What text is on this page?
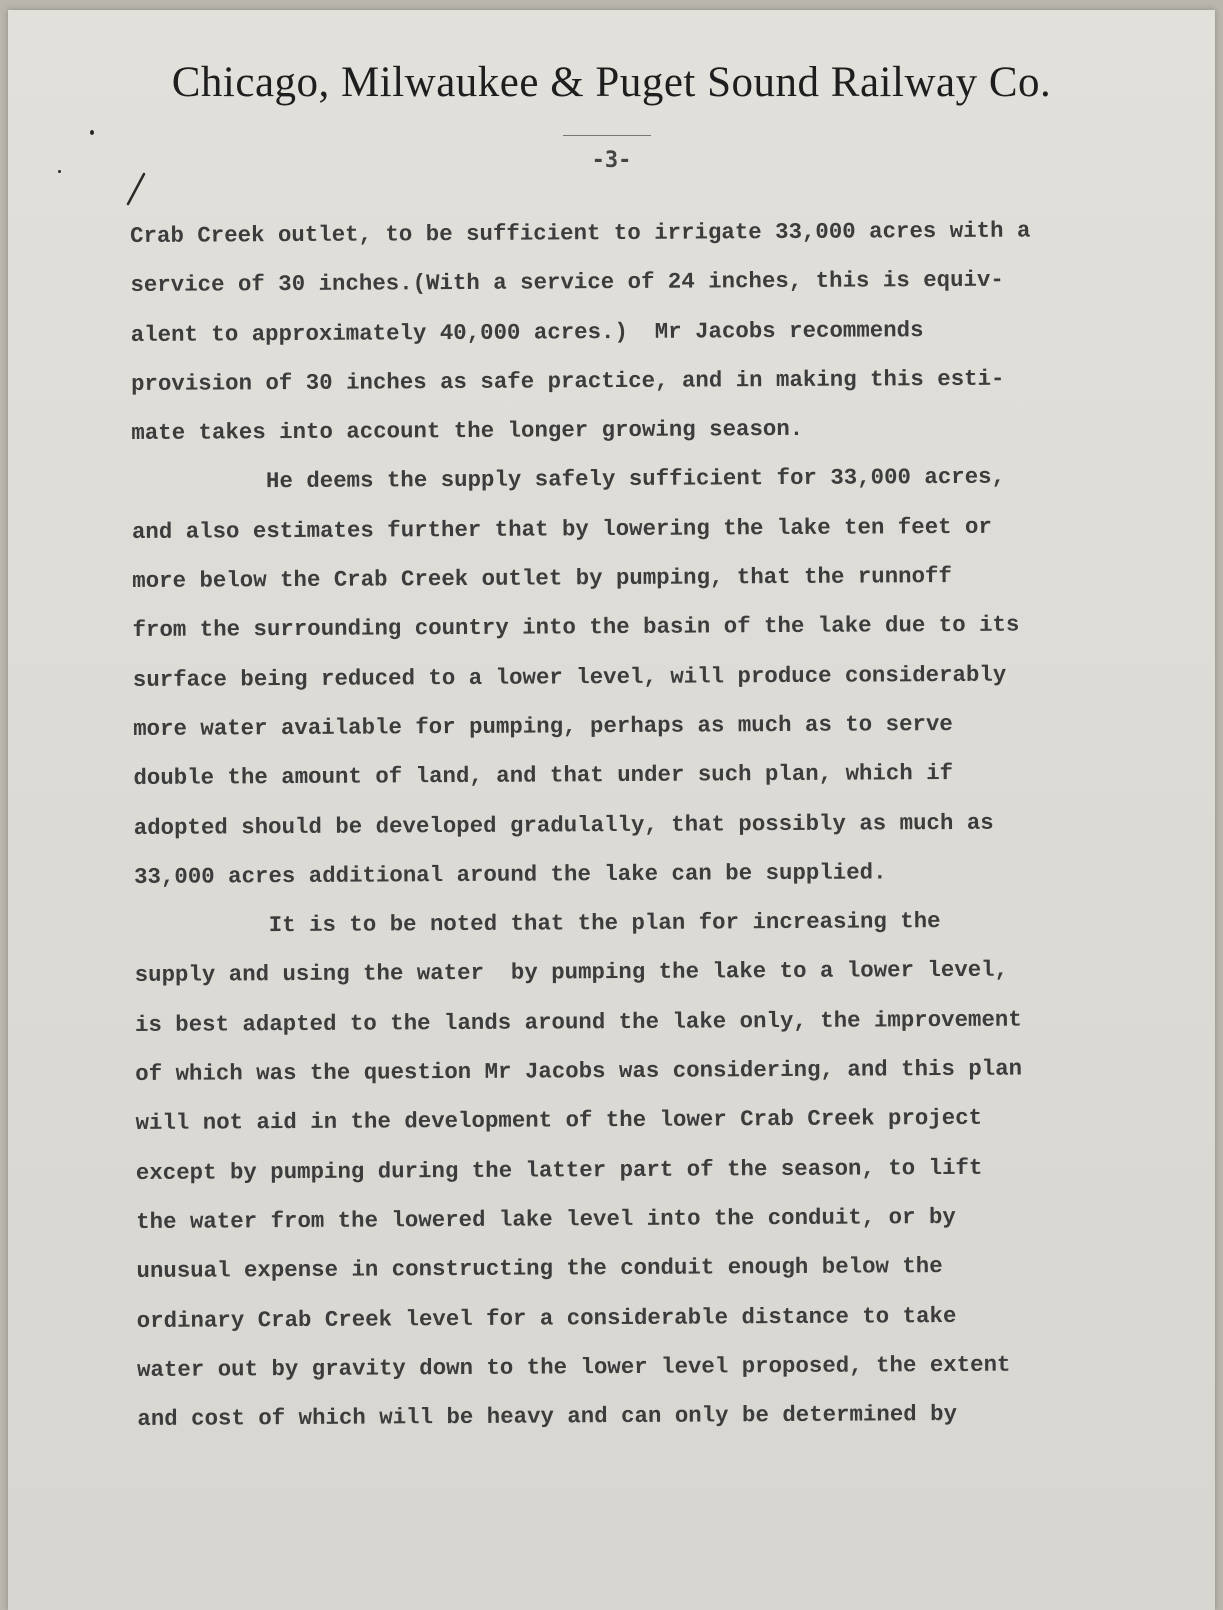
Chicago, Milwaukee & Puget Sound Railway Co.
-3-
Crab Creek outlet, to be sufficient to irrigate 33,000 acres with a
service of 30 inches.(With a service of 24 inches, this is equiv-
alent to approximately 40,000 acres.)  Mr Jacobs recommends
provision of 30 inches as safe practice, and in making this esti-
mate takes into account the longer growing season.
He deems the supply safely sufficient for 33,000 acres,
and also estimates further that by lowering the lake ten feet or
more below the Crab Creek outlet by pumping, that the runnoff
from the surrounding country into the basin of the lake due to its
surface being reduced to a lower level, will produce considerably
more water available for pumping, perhaps as much as to serve
double the amount of land, and that under such plan, which if
adopted should be developed gradulally, that possibly as much as
33,000 acres additional around the lake can be supplied.
It is to be noted that the plan for increasing the
supply and using the water  by pumping the lake to a lower level,
is best adapted to the lands around the lake only, the improvement
of which was the question Mr Jacobs was considering, and this plan
will not aid in the development of the lower Crab Creek project
except by pumping during the latter part of the season, to lift
the water from the lowered lake level into the conduit, or by
unusual expense in constructing the conduit enough below the
ordinary Crab Creek level for a considerable distance to take
water out by gravity down to the lower level proposed, the extent
and cost of which will be heavy and can only be determined by
